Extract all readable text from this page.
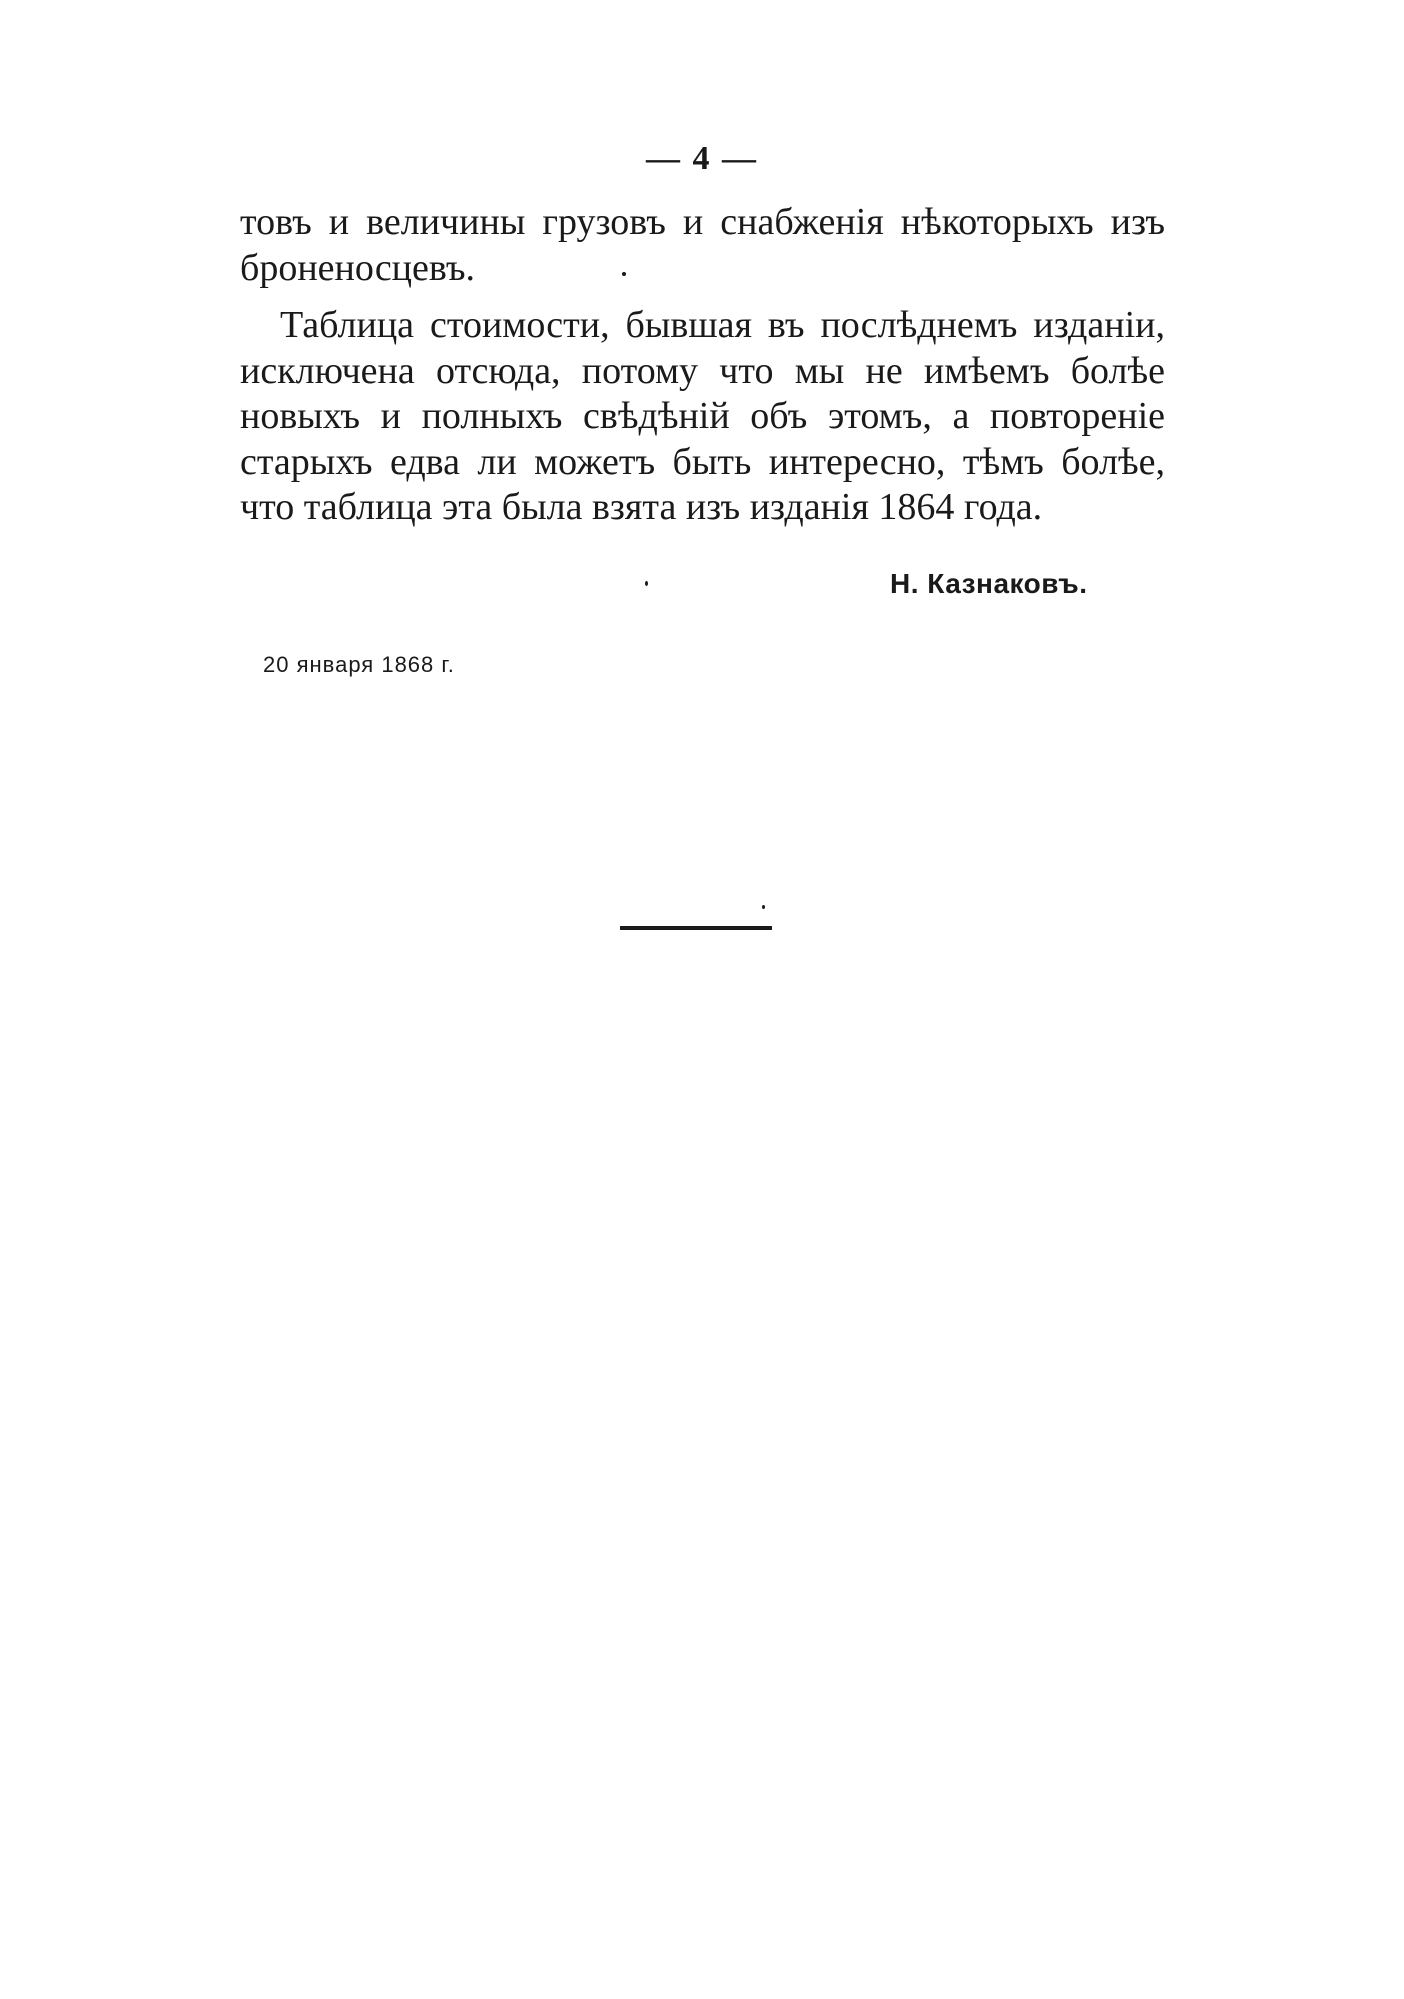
— 4 —
товъ и величины грузовъ и снабженія нѣкоторыхъ изъ
броненосцевъ.
Таблица стоимости, бывшая въ послѣднемъ изданіи,
исключена отсюда, потому что мы не имѣемъ болѣе
новыхъ и полныхъ свѣдѣній объ этомъ, а повтореніе
старыхъ едва ли можетъ быть интересно, тѣмъ болѣе,
что таблица эта была взята изъ изданія 1864 года.
Н. Казнаковъ.
20 января 1868 г.
